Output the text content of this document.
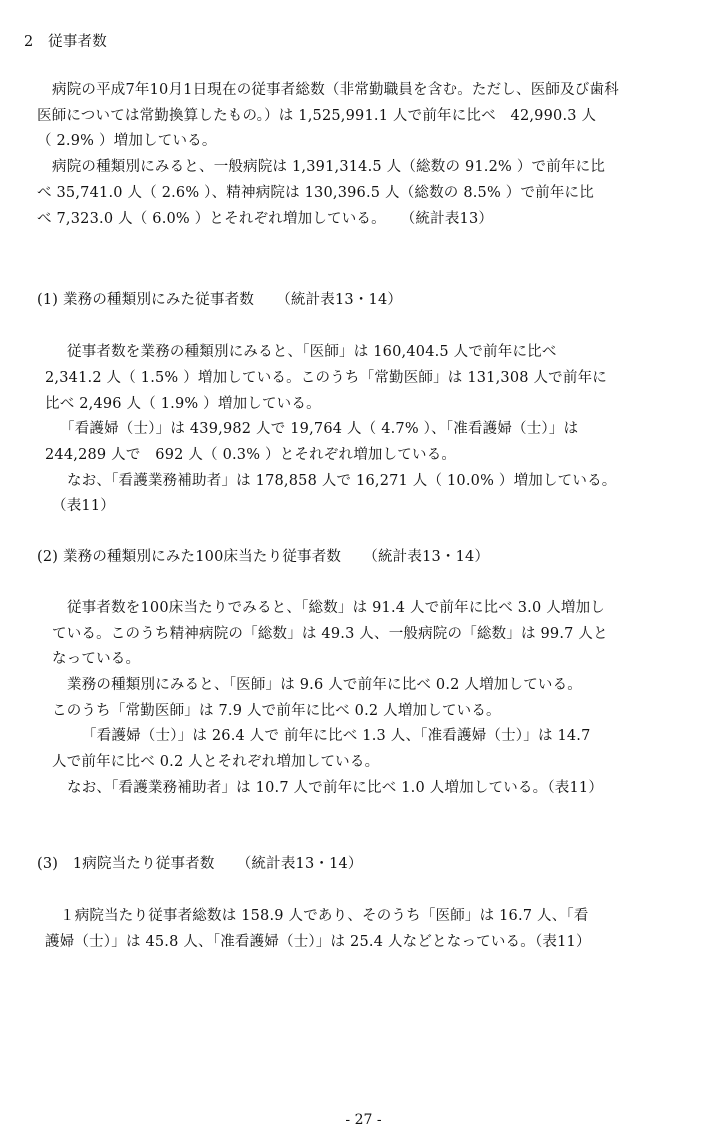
2　従事者数
病院の平成7年10月1日現在の従事者総数（非常勤職員を含む。ただし、医師及び歯科
医師については常勤換算したもの。）は 1,525,991.1 人で前年に比べ　42,990.3 人
（ 2.9% ）増加している。
病院の種類別にみると、一般病院は 1,391,314.5 人（総数の 91.2% ）で前年に比
べ 35,741.0 人（ 2.6% ）、精神病院は 130,396.5 人（総数の 8.5% ）で前年に比
べ 7,323.0 人（ 6.0% ）とそれぞれ増加している。　　（統計表13）
(1) 業務の種類別にみた従事者数　　（統計表13・14）
従事者数を業務の種類別にみると、「医師」は 160,404.5 人で前年に比べ
2,341.2 人（ 1.5% ）増加している。このうち「常勤医師」は 131,308 人で前年に
比べ 2,496 人（ 1.9% ）増加している。
「看護婦（士）」は 439,982 人で 19,764 人（ 4.7% ）、「准看護婦（士）」は
244,289 人で　692 人（ 0.3% ）とそれぞれ増加している。
なお、「看護業務補助者」は 178,858 人で 16,271 人（ 10.0% ）増加している。
（表11）
(2) 業務の種類別にみた100床当たり従事者数　　（統計表13・14）
従事者数を100床当たりでみると、「総数」は 91.4 人で前年に比べ 3.0 人増加し
ている。このうち精神病院の「総数」は 49.3 人、一般病院の「総数」は 99.7 人と
なっている。
業務の種類別にみると、「医師」は 9.6 人で前年に比べ 0.2 人増加している。
このうち「常勤医師」は 7.9 人で前年に比べ 0.2 人増加している。
「看護婦（士）」は 26.4 人で 前年に比べ 1.3 人、「准看護婦（士）」は 14.7
人で前年に比べ 0.2 人とそれぞれ増加している。
なお、「看護業務補助者」は 10.7 人で前年に比べ 1.0 人増加している。（表11）
(3)　1病院当たり従事者数　　（統計表13・14）
１病院当たり従事者総数は 158.9 人であり、そのうち「医師」は 16.7 人、「看
護婦（士）」は 45.8 人、「准看護婦（士）」は 25.4 人などとなっている。（表11）
- 27 -
